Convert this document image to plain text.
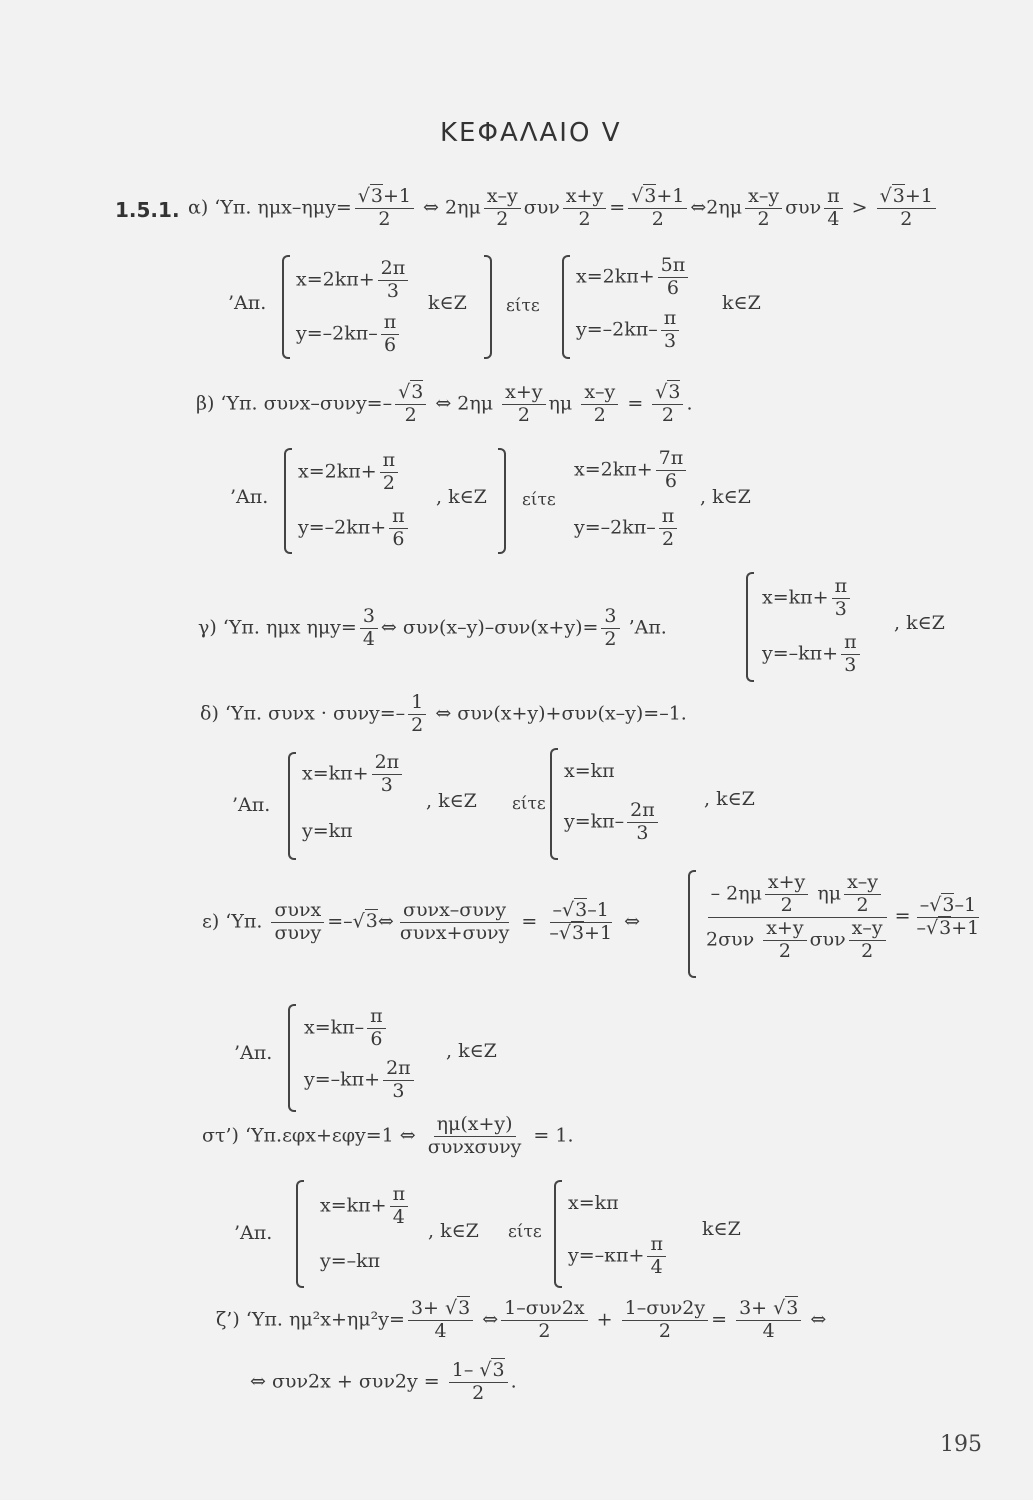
ΚΕΦΑΛΑΙΟ V
1.5.1. α) ‘Υπ. $\eta\mu x-\eta\mu y= \frac{√3+1}{2}$ ⇔ $2\eta\mu \frac{x-y}{2}$ συν $\frac{x+y}{2} = \frac{√3+1}{2}$ ⇔2ημ $\frac{x-y}{2}$ συν $\frac{\pi}{4} > \frac{√3+1}{2}$
’Απ.
$x=2k\pi+ \frac{2\pi}{3}$
$y=-2k\pi- \frac{\pi}{6}$
k∈Z είτε
$x=2k\pi+ \frac{5\pi}{6}$
$y=-2k\pi- \frac{\pi}{3}$
k∈Z
β) ‘Υπ. $\sigma\upsilon\nu x-\sigma\upsilon\nu y=- \frac{√3}{2}$ ⇔ $2\eta\mu \frac{x+y}{2}$ ημ $\frac{x-y}{2} = \frac{√3}{2}$ .
’Απ.
$x=2k\pi+ \frac{\pi}{2}$
$y=-2k\pi+ \frac{\pi}{6}$
, k∈Z είτε
$x=2k\pi+ \frac{7\pi}{6}$
$y=-2k\pi- \frac{\pi}{2}$
, k∈Z
γ) ‘Υπ. ημx $\eta\mu y= \frac{3}{4}$ ⇔ $\sigma\upsilon\nu(x-y)-\sigma\upsilon\nu(x+y)= \frac{3}{2}$ ’Απ.
$x=k\pi+ \frac{\pi}{3}$
$y=-k\pi+ \frac{\pi}{3}$
, k∈Z
δ) ‘Υπ. $\sigma\upsilon\nu x \cdot \sigma\upsilon\nu y=- \frac{1}{2}$ ⇔ συν(x+y)+συν(x–y)=–1.
’Απ.
$x=k\pi+ \frac{2\pi}{3}$
y=kπ
, k∈Z είτε
x=kπ
$y=k\pi- \frac{2\pi}{3}$
, k∈Z
ε) ‘Υπ. $\frac{\text{συνx}}{\text{συνy}}$ =–√3⇔ $\frac{\text{συνx–συνy}}{\text{συνx+συνy}} = \frac{-√3-1}{-√3+1}$ ⇔	$\frac{- 2\eta\mu \frac{x+y}{2} \eta\mu \frac{x-y}{2}}{2\sigma\upsilon\nu \frac{x+y}{2} \sigma\upsilon\nu \frac{x-y}{2}} = \frac{-√3-1}{-√3+1}$
’Απ.
$x=k\pi- \frac{\pi}{6}$
$y=-k\pi+ \frac{2\pi}{3}$
, k∈Z
στ’) ‘Υπ.εφx+εφy=1 ⇔ $\frac{\eta\mu(x+y)}{\text{συνxσυνy}} = 1$.
’Απ.
$x=k\pi+ \frac{\pi}{4}$
y=–kπ
, k∈Z είτε
x=kπ
$y=-\kappa\pi+ \frac{\pi}{4}$
k∈Z
ζ’) ‘Υπ. $\eta\mu^2x+\eta\mu^2y= \frac{3+ √3}{4}$ ⇔ $\frac{\text{1–συν2x}}{2} + \frac{\text{1–συν2y}}{2} = \frac{3+ √3}{4}$ ⇔
⇔ $\sigma\upsilon\nu 2x + \sigma\upsilon\nu 2y = \frac{1- √3}{2}$ .
195
